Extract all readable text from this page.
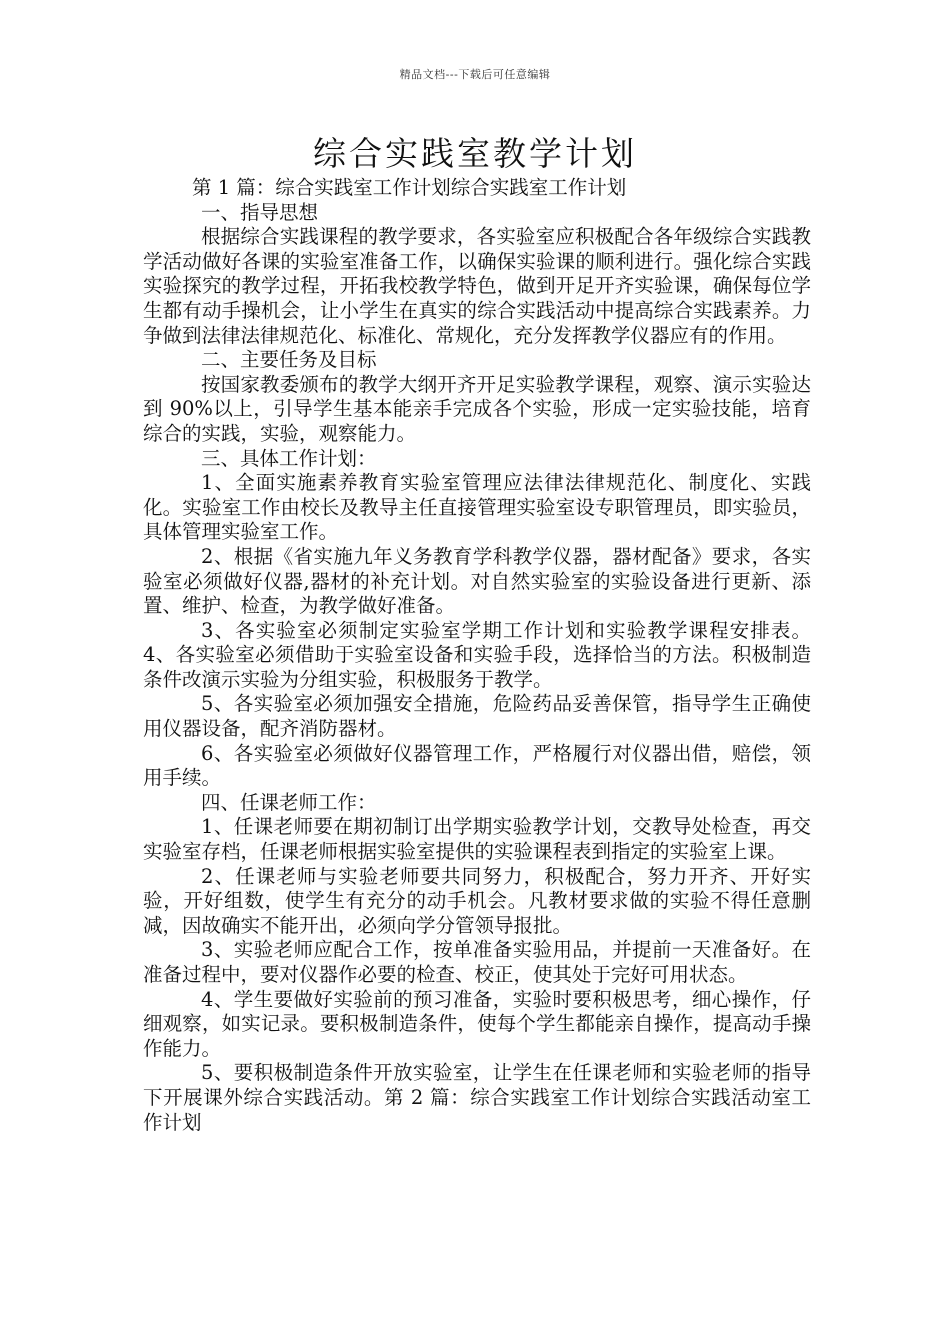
精品文档---下载后可任意编辑
综合实践室教学计划

第 1 篇：综合实践室工作计划综合实践室工作计划

一、指导思想

根据综合实践课程的教学要求，各实验室应积极配合各年级综合实践教学活动做好各课的实验室准备工作，以确保实验课的顺利进行。强化综合实践实验探究的教学过程，开拓我校教学特色，做到开足开齐实验课，确保每位学生都有动手操机会，让小学生在真实的综合实践活动中提高综合实践素养。力争做到法律法律规范化、标准化、常规化，充分发挥教学仪器应有的作用。

二、主要任务及目标

按国家教委颁布的教学大纲开齐开足实验教学课程，观察、演示实验达到 90%以上，引导学生基本能亲手完成各个实验，形成一定实验技能，培育综合的实践，实验，观察能力。

三、具体工作计划：

1、全面实施素养教育实验室管理应法律法律规范化、制度化、实践化。实验室工作由校长及教导主任直接管理实验室设专职管理员，即实验员，具体管理实验室工作。

2、根据《省实施九年义务教育学科教学仪器，器材配备》要求，各实验室必须做好仪器,器材的补充计划。对自然实验室的实验设备进行更新、添置、维护、检查，为教学做好准备。

3、各实验室必须制定实验室学期工作计划和实验教学课程安排表。 4、各实验室必须借助于实验室设备和实验手段，选择恰当的方法。积极制造条件改演示实验为分组实验，积极服务于教学。

5、各实验室必须加强安全措施，危险药品妥善保管，指导学生正确使用仪器设备，配齐消防器材。

6、各实验室必须做好仪器管理工作，严格履行对仪器出借，赔偿，领用手续。

四、任课老师工作：

1、任课老师要在期初制订出学期实验教学计划，交教导处检查，再交实验室存档，任课老师根据实验室提供的实验课程表到指定的实验室上课。

2、任课老师与实验老师要共同努力，积极配合，努力开齐、开好实验，开好组数，使学生有充分的动手机会。凡教材要求做的实验不得任意删减，因故确实不能开出，必须向学分管领导报批。

3、实验老师应配合工作，按单准备实验用品，并提前一天准备好。在准备过程中，要对仪器作必要的检查、校正，使其处于完好可用状态。

4、学生要做好实验前的预习准备，实验时要积极思考，细心操作，仔细观察，如实记录。要积极制造条件，使每个学生都能亲自操作，提高动手操作能力。

5、要积极制造条件开放实验室，让学生在任课老师和实验老师的指导下开展课外综合实践活动。第 2 篇：综合实践室工作计划综合实践活动室工作计划
